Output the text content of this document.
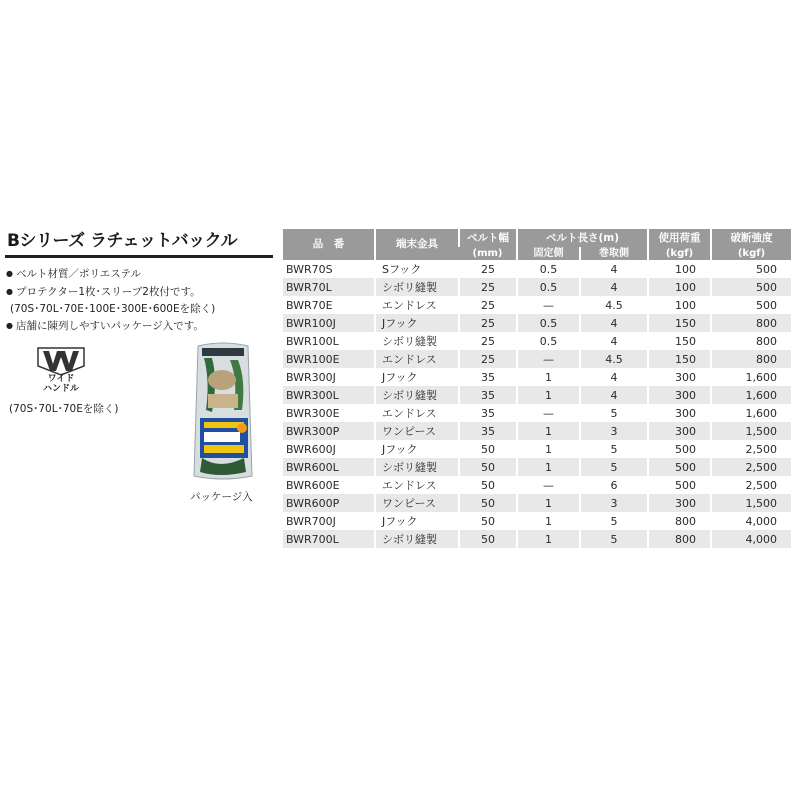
Bシリーズ ラチェットバックル
● ベルト材質／ポリエステル
● プロテクター1枚･スリーブ2枚付です。
(70S･70L･70E･100E･300E･600Eを除く)
● 店舗に陳列しやすいパッケージ入です。
ワイド
ハンドル
(70S･70L･70Eを除く)
パッケージ入
品　番	端末金具	ベルト幅	ベルト長さ(m)		使用荷重	破断強度
		(mm)	固定側	巻取側	(kgf)	(kgf)
BWR70S	Sフック	25	0.5	4	100	500
BWR70L	シボリ縫製	25	0.5	4	100	500
BWR70E	エンドレス	25	—	4.5	100	500
BWR100J	Jフック	25	0.5	4	150	800
BWR100L	シボリ縫製	25	0.5	4	150	800
BWR100E	エンドレス	25	—	4.5	150	800
BWR300J	Jフック	35	1	4	300	1,600
BWR300L	シボリ縫製	35	1	4	300	1,600
BWR300E	エンドレス	35	—	5	300	1,600
BWR300P	ワンピース	35	1	3	300	1,500
BWR600J	Jフック	50	1	5	500	2,500
BWR600L	シボリ縫製	50	1	5	500	2,500
BWR600E	エンドレス	50	—	6	500	2,500
BWR600P	ワンピース	50	1	3	300	1,500
BWR700J	Jフック	50	1	5	800	4,000
BWR700L	シボリ縫製	50	1	5	800	4,000
